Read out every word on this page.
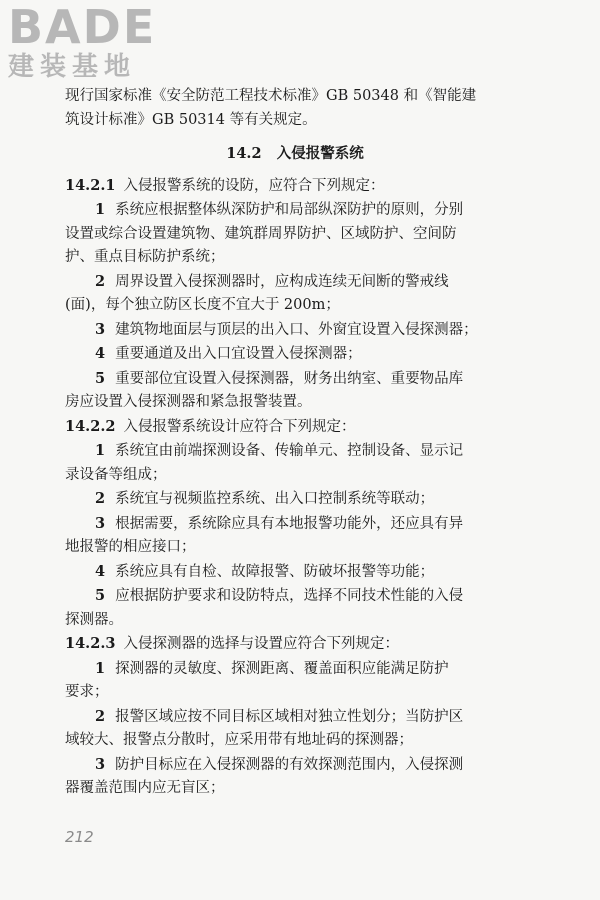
BADE
建装基地
现行国家标准《安全防范工程技术标准》GB 50348 和《智能建
筑设计标准》GB 50314 等有关规定。
14.2 入侵报警系统
14.2.1 入侵报警系统的设防，应符合下列规定：
1 系统应根据整体纵深防护和局部纵深防护的原则，分别
设置或综合设置建筑物、建筑群周界防护、区域防护、空间防
护、重点目标防护系统；
2 周界设置入侵探测器时，应构成连续无间断的警戒线
(面)，每个独立防区长度不宜大于 200m；
3 建筑物地面层与顶层的出入口、外窗宜设置入侵探测器；
4 重要通道及出入口宜设置入侵探测器；
5 重要部位宜设置入侵探测器，财务出纳室、重要物品库
房应设置入侵探测器和紧急报警装置。
14.2.2 入侵报警系统设计应符合下列规定：
1 系统宜由前端探测设备、传输单元、控制设备、显示记
录设备等组成；
2 系统宜与视频监控系统、出入口控制系统等联动；
3 根据需要，系统除应具有本地报警功能外，还应具有异
地报警的相应接口；
4 系统应具有自检、故障报警、防破坏报警等功能；
5 应根据防护要求和设防特点，选择不同技术性能的入侵
探测器。
14.2.3 入侵探测器的选择与设置应符合下列规定：
1 探测器的灵敏度、探测距离、覆盖面积应能满足防护
要求；
2 报警区域应按不同目标区域相对独立性划分；当防护区
域较大、报警点分散时，应采用带有地址码的探测器；
3 防护目标应在入侵探测器的有效探测范围内，入侵探测
器覆盖范围内应无盲区；
212
